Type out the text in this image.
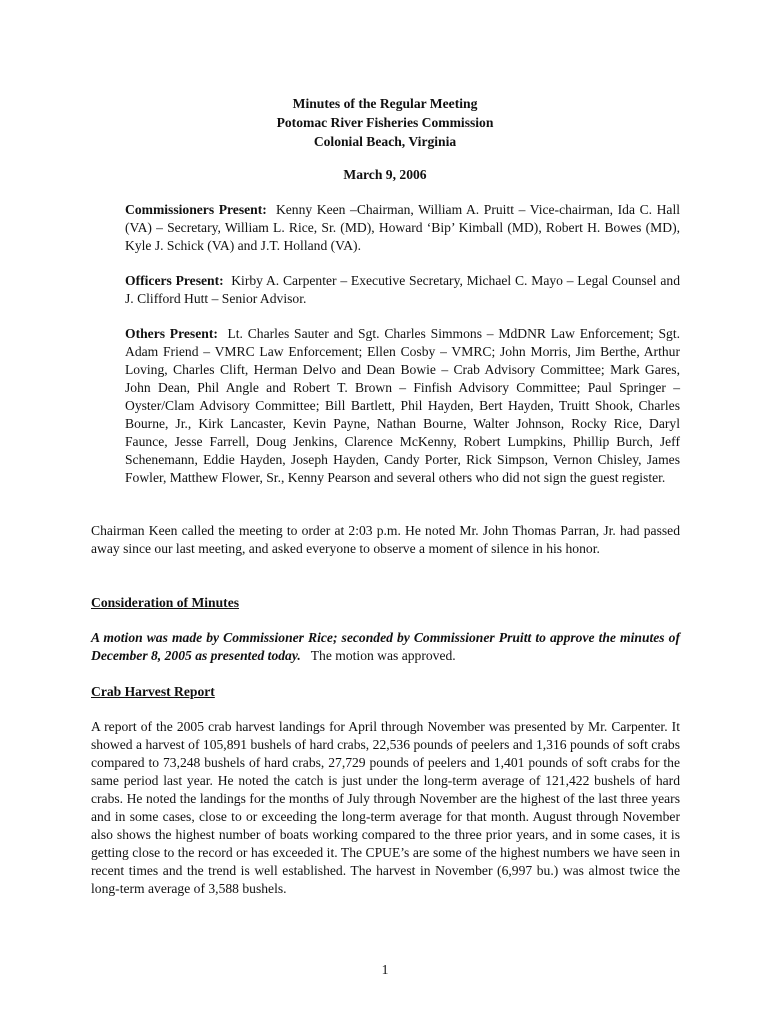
Minutes of the Regular Meeting
Potomac River Fisheries Commission
Colonial Beach, Virginia
March 9, 2006

Commissioners Present: Kenny Keen –Chairman, William A. Pruitt – Vice-chairman, Ida C. Hall (VA) – Secretary, William L. Rice, Sr. (MD), Howard ‘Bip’ Kimball (MD), Robert H. Bowes (MD), Kyle J. Schick (VA) and J.T. Holland (VA).

Officers Present: Kirby A. Carpenter – Executive Secretary, Michael C. Mayo – Legal Counsel and J. Clifford Hutt – Senior Advisor.

Others Present: Lt. Charles Sauter and Sgt. Charles Simmons – MdDNR Law Enforcement; Sgt. Adam Friend – VMRC Law Enforcement; Ellen Cosby – VMRC; John Morris, Jim Berthe, Arthur Loving, Charles Clift, Herman Delvo and Dean Bowie – Crab Advisory Committee; Mark Gares, John Dean, Phil Angle and Robert T. Brown – Finfish Advisory Committee; Paul Springer – Oyster/Clam Advisory Committee; Bill Bartlett, Phil Hayden, Bert Hayden, Truitt Shook, Charles Bourne, Jr., Kirk Lancaster, Kevin Payne, Nathan Bourne, Walter Johnson, Rocky Rice, Daryl Faunce, Jesse Farrell, Doug Jenkins, Clarence McKenny, Robert Lumpkins, Phillip Burch, Jeff Schenemann, Eddie Hayden, Joseph Hayden, Candy Porter, Rick Simpson, Vernon Chisley, James Fowler, Matthew Flower, Sr., Kenny Pearson and several others who did not sign the guest register.

Chairman Keen called the meeting to order at 2:03 p.m. He noted Mr. John Thomas Parran, Jr. had passed away since our last meeting, and asked everyone to observe a moment of silence in his honor.

Consideration of Minutes

A motion was made by Commissioner Rice; seconded by Commissioner Pruitt to approve the minutes of December 8, 2005 as presented today. The motion was approved.

Crab Harvest Report

A report of the 2005 crab harvest landings for April through November was presented by Mr. Carpenter. It showed a harvest of 105,891 bushels of hard crabs, 22,536 pounds of peelers and 1,316 pounds of soft crabs compared to 73,248 bushels of hard crabs, 27,729 pounds of peelers and 1,401 pounds of soft crabs for the same period last year. He noted the catch is just under the long-term average of 121,422 bushels of hard crabs. He noted the landings for the months of July through November are the highest of the last three years and in some cases, close to or exceeding the long-term average for that month. August through November also shows the highest number of boats working compared to the three prior years, and in some cases, it is getting close to the record or has exceeded it. The CPUE’s are some of the highest numbers we have seen in recent times and the trend is well established. The harvest in November (6,997 bu.) was almost twice the long-term average of 3,588 bushels.

1
